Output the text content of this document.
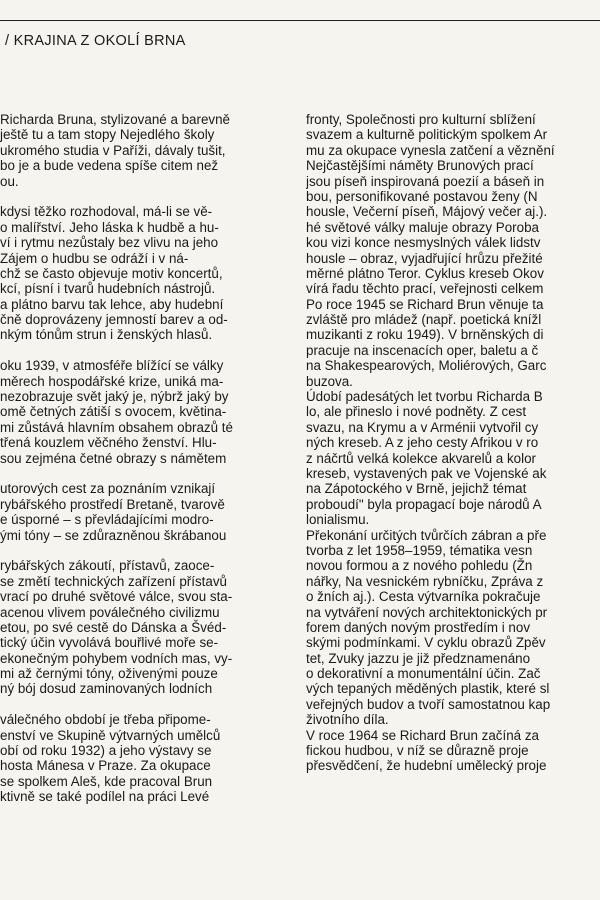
/ KRAJINA Z OKOLÍ BRNA
Richarda Bruna, stylizované a barevně
ještě tu a tam stopy Nejedlého školy
ukromého studia v Paříži, dávaly tušit,
bo je a bude vedena spíše citem než
ou.
kdysi těžko rozhodoval, má-li se vě-
o malířství. Jeho láska k hudbě a hu-
ví i rytmu nezůstaly bez vlivu na jeho
Zájem o hudbu se odráží i v ná-
chž se často objevuje motiv koncertů,
kcí, písní i tvarů hudebních nástrojů.
a plátno barvu tak lehce, aby hudební
čně doprovázeny jemností barev a od-
nkým tónům strun i ženských hlasů.
oku 1939, v atmosféře blížící se války
měrech hospodářské krize, uniká ma-
nezobrazuje svět jaký je, nýbrž jaký by
omě četných zátiší s ovocem, květina-
mi zůstává hlavním obsahem obrazů té
třená kouzlem věčného ženství. Hlu-
sou zejména četné obrazy s námětem
utorových cest za poznáním vznikají
rybářského prostředí Bretaně, tvarově
e úsporné – s převládajícími modro-
ými tóny – se zdůrazněnou škrábanou
rybářských zákoutí, přístavů, zaoce-
se změtí technických zařízení přístavů
vrací po druhé světové válce, svou sta-
acenou vlivem poválečného civilizmu
etou, po své cestě do Dánska a Švéd-
tický účin vyvolává bouřlivé moře se-
ekonečným pohybem vodních mas, vy-
mi až černými tóny, oživenými pouze
ný bój dosud zaminovaných lodních
válečného období je třeba připome-
enství ve Skupině výtvarných umělců
obí od roku 1932) a jeho výstavy se
hosta Mánesa v Praze. Za okupace
se spolkem Aleš, kde pracoval Brun
ktivně se také podílel na práci Levé
fronty, Společnosti pro kulturní sblížení
svazem a kulturně politickým spolkem Ar
mu za okupace vynesla zatčení a věznění
Nejčastějšími náměty Brunových prací
jsou píseň inspirovaná poezií a báseň in
bou, personifikované postavou ženy (N
housle, Večerní píseň, Májový večer aj.).
hé světové války maluje obrazy Poroba
kou vizi konce nesmyslných válek lidstv
housle – obraz, vyjadřující hrůzu přežité
měrné plátno Teror. Cyklus kreseb Okov
vírá řadu těchto prací, veřejnosti celkem
Po roce 1945 se Richard Brun věnuje ta
zvláště pro mládež (např. poetická knížl
muzikanti z roku 1949). V brněnských di
pracuje na inscenacích oper, baletu a č
na Shakespearových, Moliérových, Garc
buzova.
Údobí padesátých let tvorbu Richarda B
lo, ale přineslo i nové podněty. Z cest
svazu, na Krymu a v Arménii vytvořil cy
ných kreseb. A z jeho cesty Afrikou v ro
z náčrtů velká kolekce akvarelů a kolor
kreseb, vystavených pak ve Vojenské ak
na Zápotockého v Brně, jejichž témat
proboudí" byla propagací boje národů A
lonialismu.
Překonání určitých tvůrčích zábran a pře
tvorba z let 1958–1959, tématika vesn
novou formou a z nového pohledu (Žn
nářky, Na vesnickém rybníčku, Zpráva z
o žních aj.). Cesta výtvarníka pokračuje
na vytváření nových architektonických pr
forem daných novým prostředím i nov
skými podmínkami. V cyklu obrazů Zpěv
tet, Zvuky jazzu je již předznamenáno
o dekorativní a monumentální účin. Zač
vých tepaných měděných plastik, které sl
veřejných budov a tvoří samostatnou kap
životního díla.
V roce 1964 se Richard Brun začíná za
fickou hudbou, v níž se důrazně proje
přesvědčení, že hudební umělecký proje
